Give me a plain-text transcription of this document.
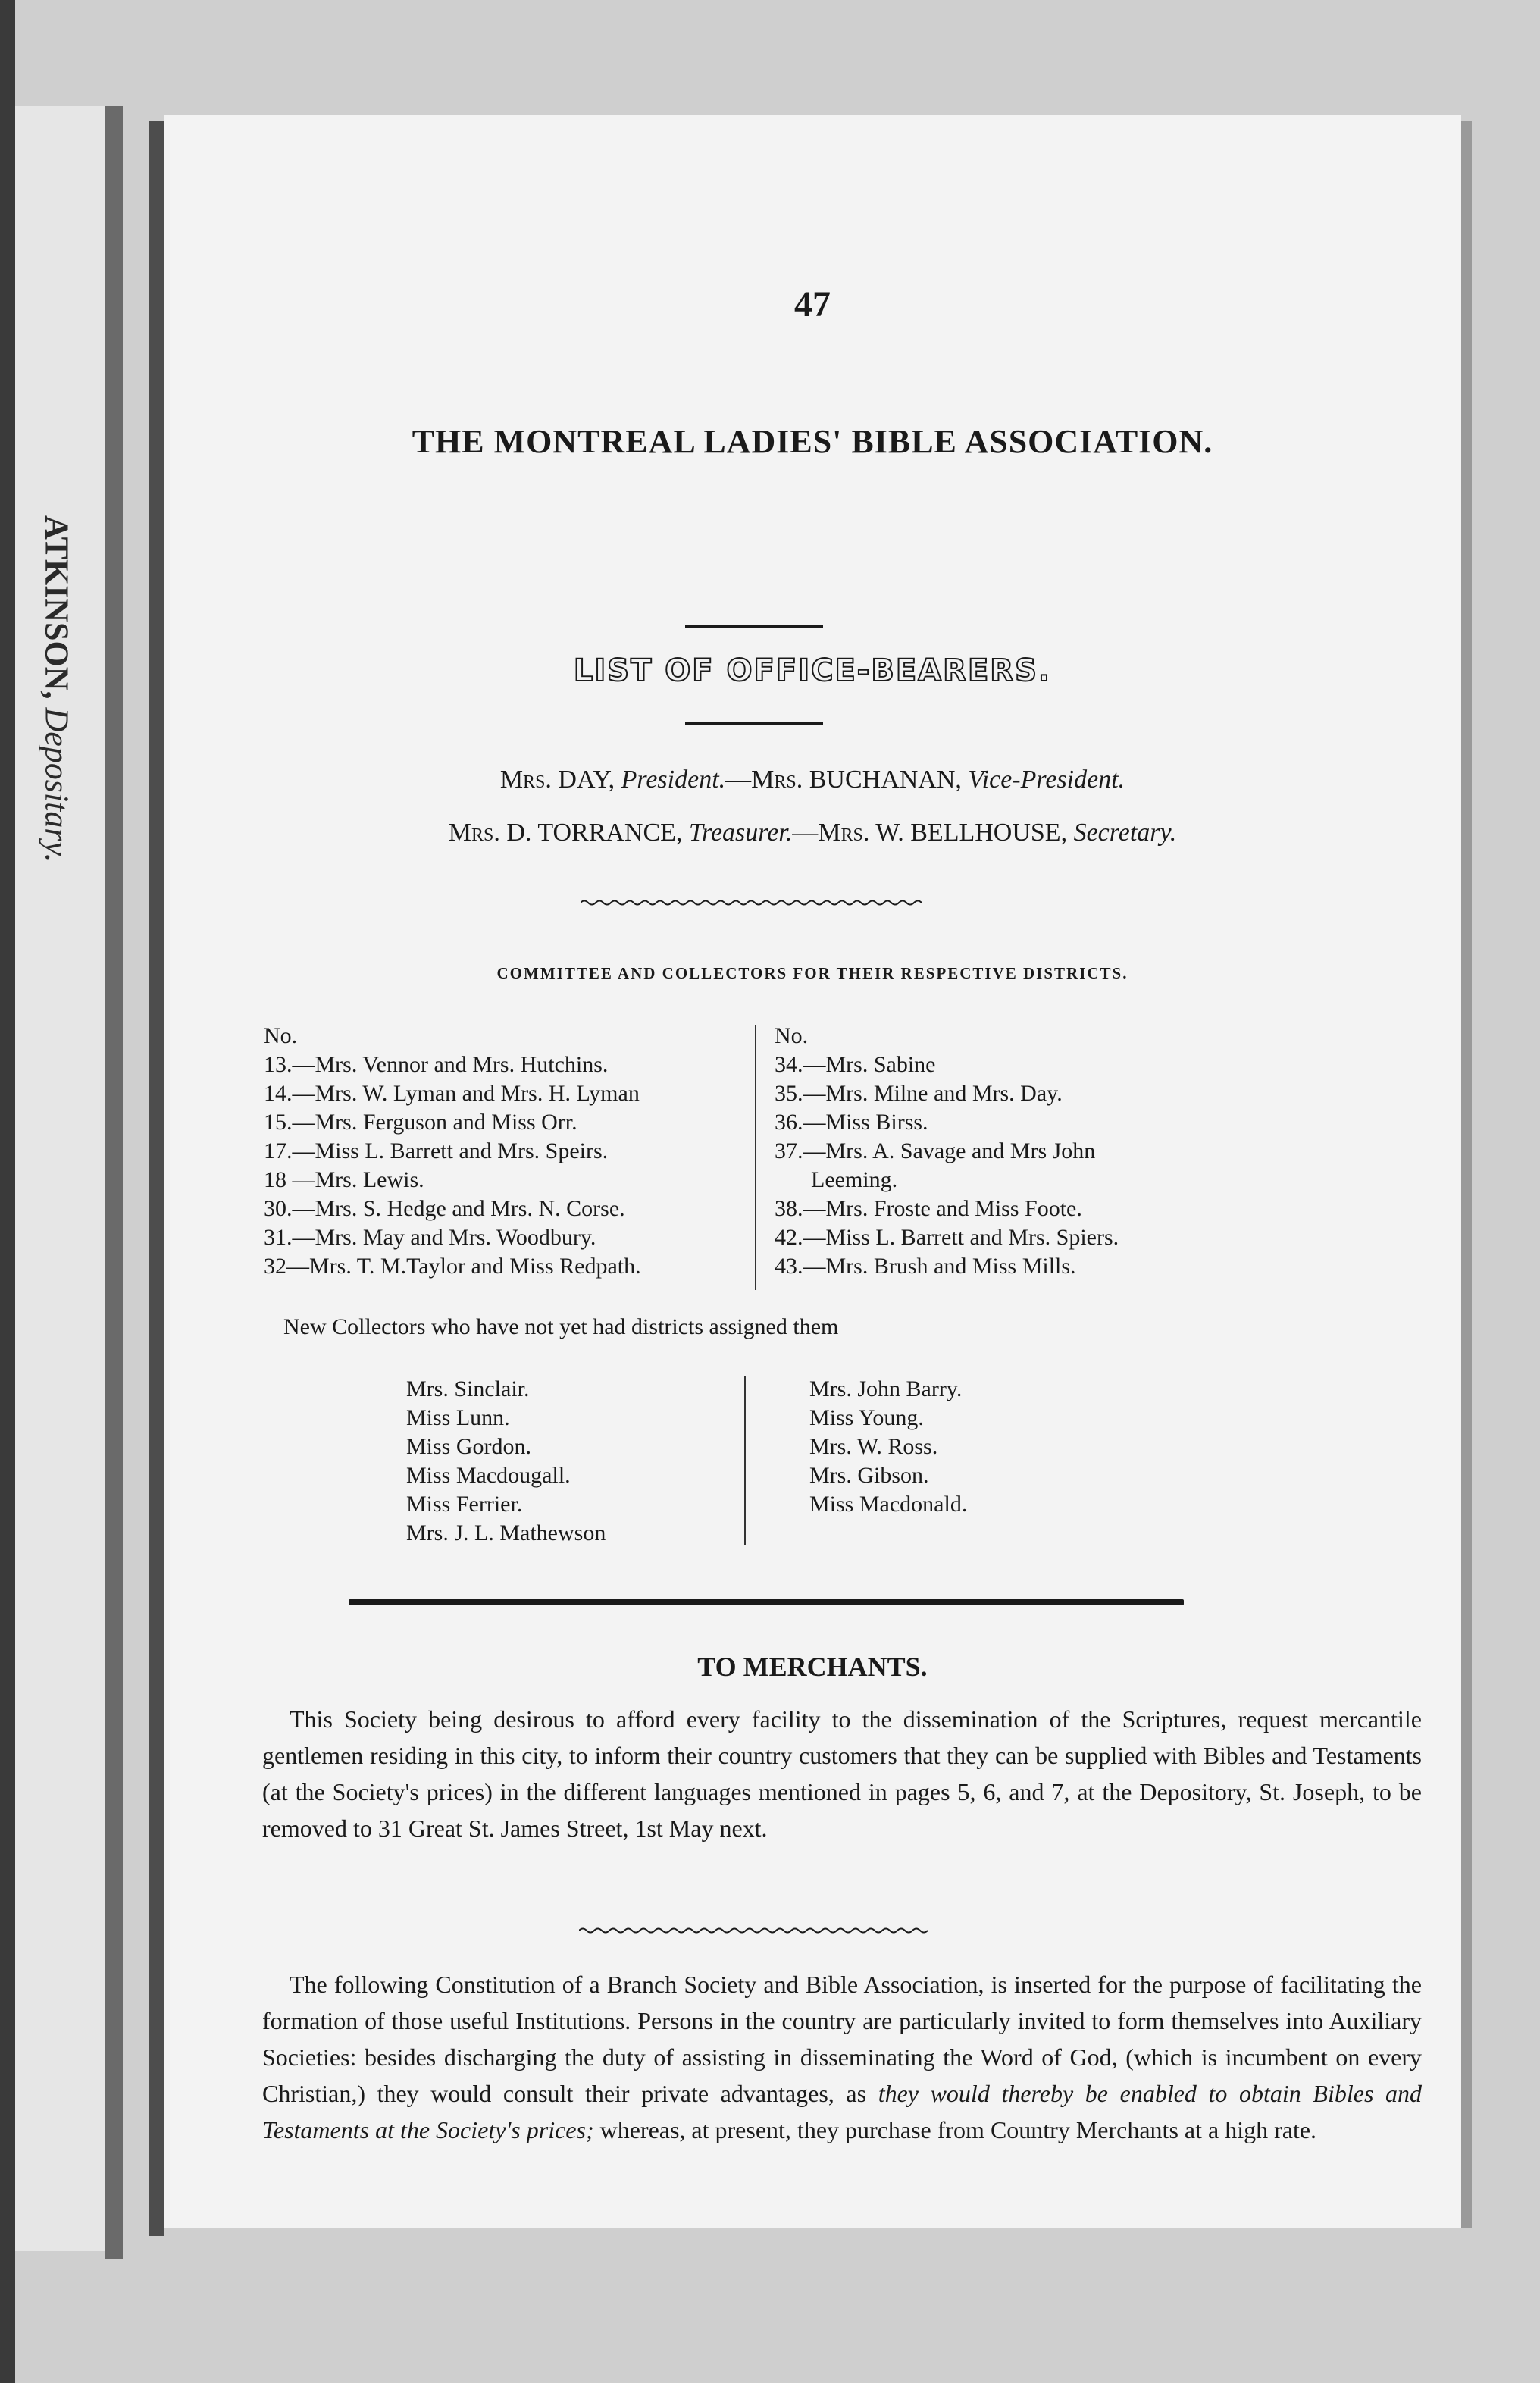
ATKINSON, Depositary.
47
THE MONTREAL LADIES' BIBLE ASSOCIATION.
LIST OF OFFICE-BEARERS.
Mrs. DAY, President.—Mrs. BUCHANAN, Vice-President.
Mrs. D. TORRANCE, Treasurer.—Mrs. W. BELLHOUSE, Secretary.
COMMITTEE AND COLLECTORS FOR THEIR RESPECTIVE DISTRICTS.
No.
13.—Mrs. Vennor and Mrs. Hutchins.
14.—Mrs. W. Lyman and Mrs. H. Lyman
15.—Mrs. Ferguson and Miss Orr.
17.—Miss L. Barrett and Mrs. Speirs.
18 —Mrs. Lewis.
30.—Mrs. S. Hedge and Mrs. N. Corse.
31.—Mrs. May and Mrs. Woodbury.
32—Mrs. T. M.Taylor and Miss Redpath.
No.
34.—Mrs. Sabine
35.—Mrs. Milne and Mrs. Day.
36.—Miss Birss.
37.—Mrs. A. Savage and Mrs John
Leeming.
38.—Mrs. Froste and Miss Foote.
42.—Miss L. Barrett and Mrs. Spiers.
43.—Mrs. Brush and Miss Mills.
New Collectors who have not yet had districts assigned them
Mrs. Sinclair.
Miss Lunn.
Miss Gordon.
Miss Macdougall.
Miss Ferrier.
Mrs. J. L. Mathewson
Mrs. John Barry.
Miss Young.
Mrs. W. Ross.
Mrs. Gibson.
Miss Macdonald.
TO MERCHANTS.
This Society being desirous to afford every facility to the dissemination of the Scriptures, request mercantile gentlemen residing in this city, to inform their country customers that they can be supplied with Bibles and Testaments (at the Society's prices) in the different languages mentioned in pages 5, 6, and 7, at the Depository, St. Joseph, to be removed to 31 Great St. James Street, 1st May next.
The following Constitution of a Branch Society and Bible Association, is inserted for the purpose of facilitating the formation of those useful Institutions. Persons in the country are particularly invited to form themselves into Auxiliary Societies: besides discharging the duty of assisting in disseminating the Word of God, (which is incumbent on every Christian,) they would consult their private advantages, as they would thereby be enabled to obtain Bibles and Testaments at the Society's prices; whereas, at present, they purchase from Country Merchants at a high rate.
